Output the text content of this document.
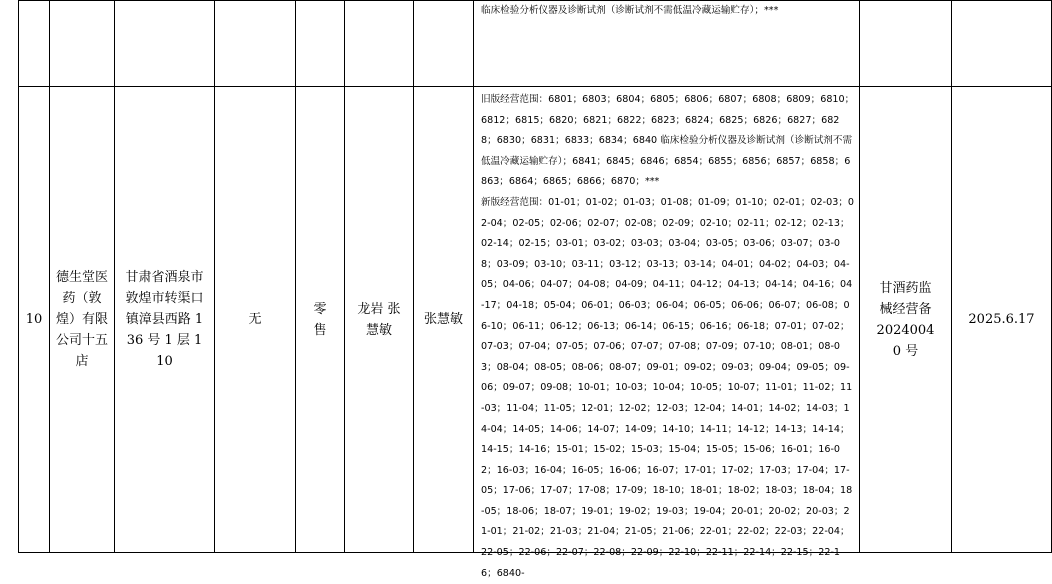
							临床检验分析仪器及诊断试剂（诊断试剂不需低温冷藏运输贮存）；***		

10	德生堂医药（敦煌）有限公司十五店	甘肃省酒泉市敦煌市转渠口镇漳县西路 136 号 1 层 110	无	零售	龙岩 张慧敏	张慧敏	旧版经营范围：6801；6803；6804；6805；6806；6807；6808；6809；6810；6812；6815；6820；6821；6822；6823；6824；6825；6826；6827；6828；6830；6831；6833；6834；6840 临床检验分析仪器及诊断试剂（诊断试剂不需低温冷藏运输贮存）；6841；6845；6846；6854；6855；6856；6857；6858；6863；6864；6865；6866；6870；***
新版经营范围：01-01；01-02；01-03；01-08；01-09；01-10；02-01；02-03；02-04；02-05；02-06；02-07；02-08；02-09；02-10；02-11；02-12；02-13；02-14；02-15；03-01；03-02；03-03；03-04；03-05；03-06；03-07；03-08；03-09；03-10；03-11；03-12；03-13；03-14；04-01；04-02；04-03；04-05；04-06；04-07；04-08；04-09；04-11；04-12；04-13；04-14；04-16；04-17；04-18；05-04；06-01；06-03；06-04；06-05；06-06；06-07；06-08；06-10；06-11；06-12；06-13；06-14；06-15；06-16；06-18；07-01；07-02；07-03；07-04；07-05；07-06；07-07；07-08；07-09；07-10；08-01；08-03；08-04；08-05；08-06；08-07；09-01；09-02；09-03；09-04；09-05；09-06；09-07；09-08；10-01；10-03；10-04；10-05；10-07；11-01；11-02；11-03；11-04；11-05；12-01；12-02；12-03；12-04；14-01；14-02；14-03；14-04；14-05；14-06；14-07；14-09；14-10；14-11；14-12；14-13；14-14；14-15；14-16；15-01；15-02；15-03；15-04；15-05；15-06；16-01；16-02；16-03；16-04；16-05；16-06；16-07；17-01；17-02；17-03；17-04；17-05；17-06；17-07；17-08；17-09；18-10；18-01；18-02；18-03；18-04；18-05；18-06；18-07；19-01；19-02；19-03；19-04；20-01；20-02；20-03；21-01；21-02；21-03；21-04；21-05；21-06；22-01；22-02；22-03；22-04；22-05；22-06；22-07；22-08；22-09；22-10；22-11；22-14；22-15；22-16；6840-	甘酒药监械经营备 20240040 号	2025.6.17
